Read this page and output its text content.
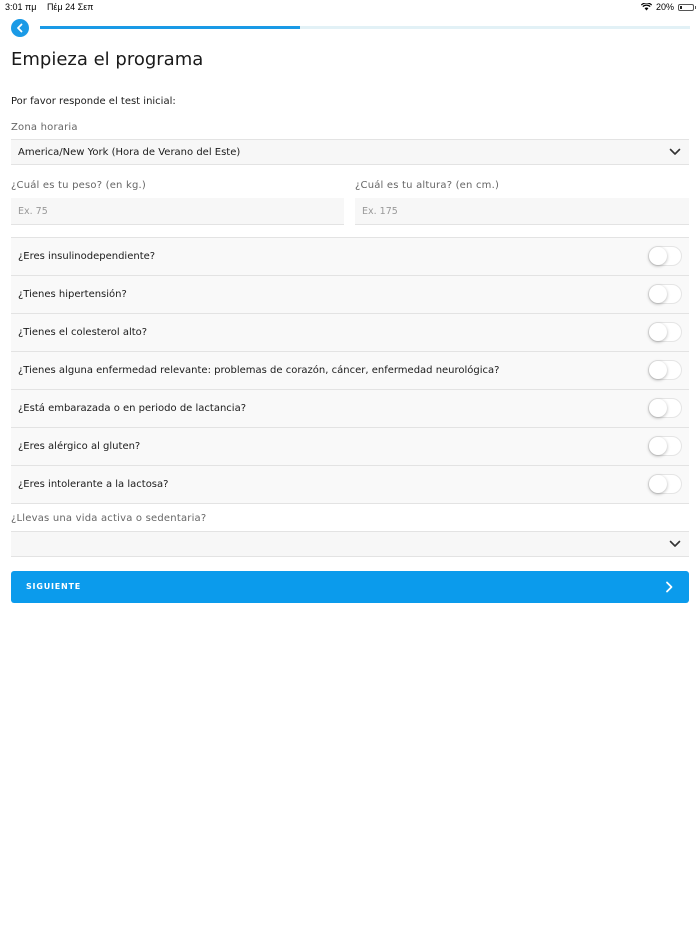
3:01 πμ Πέμ 24 Σεπ	20%
Empieza el programa
Por favor responde el test inicial:
Zona horaria
America/New York (Hora de Verano del Este)
¿Cuál es tu peso? (en kg.)
Ex. 75	¿Cuál es tu altura? (en cm.)
Ex. 175
¿Eres insulinodependiente?
¿Tienes hipertensión?
¿Tienes el colesterol alto?
¿Tienes alguna enfermedad relevante: problemas de corazón, cáncer, enfermedad neurológica?
¿Está embarazada o en periodo de lactancia?
¿Eres alérgico al gluten?
¿Eres intolerante a la lactosa?
¿Llevas una vida activa o sedentaria?
SIGUIENTE
